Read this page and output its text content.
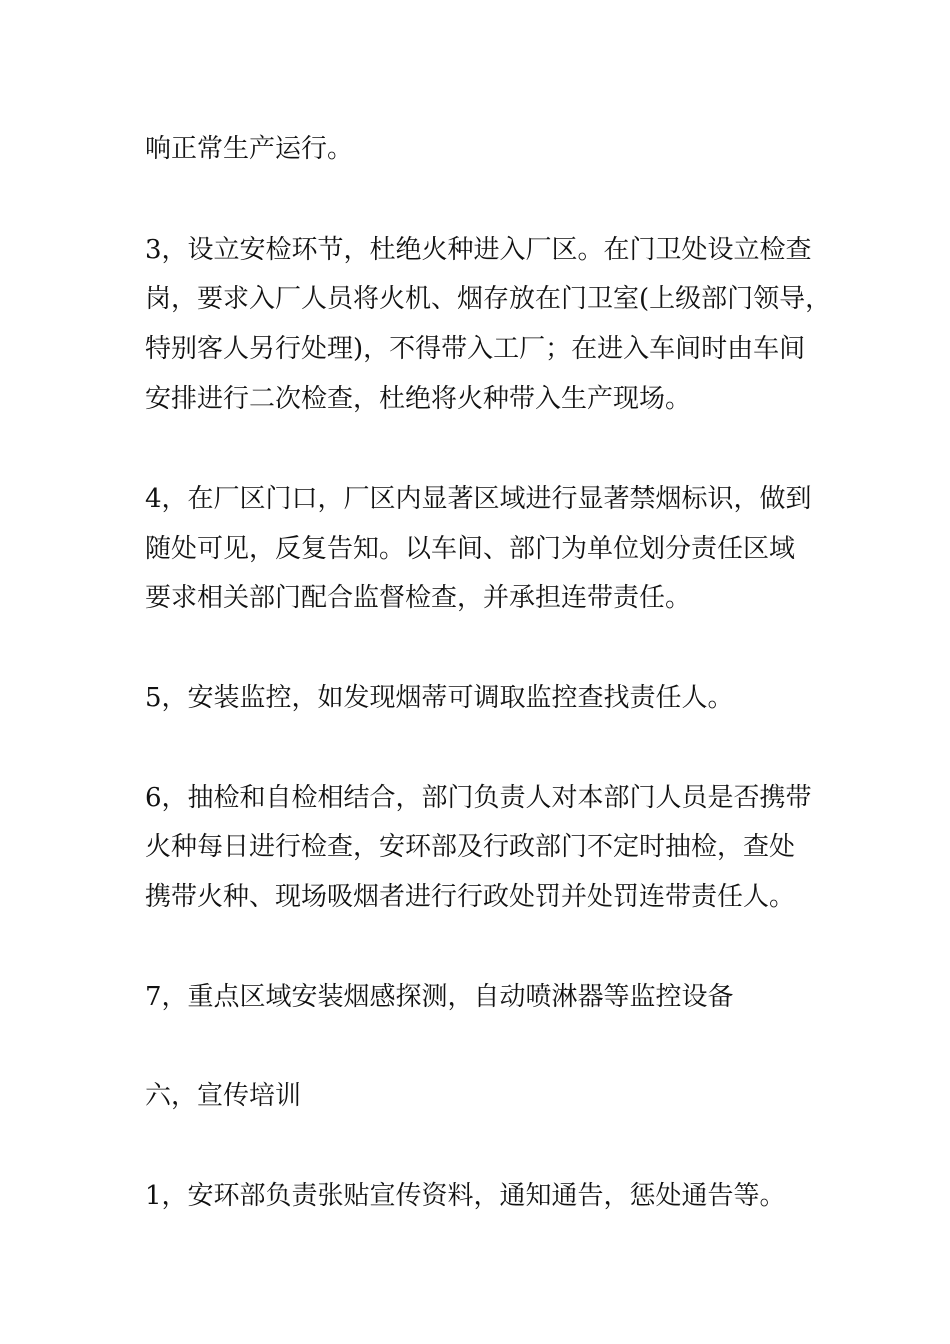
响正常生产运行。
3，设立安检环节，杜绝火种进入厂区。在门卫处设立检查
岗，要求入厂人员将火机、烟存放在门卫室(上级部门领导，
特别客人另行处理)，不得带入工厂；在进入车间时由车间
安排进行二次检查，杜绝将火种带入生产现场。
4，在厂区门口，厂区内显著区域进行显著禁烟标识，做到
随处可见，反复告知。以车间、部门为单位划分责任区域
要求相关部门配合监督检查，并承担连带责任。
5，安装监控，如发现烟蒂可调取监控查找责任人。
6，抽检和自检相结合，部门负责人对本部门人员是否携带
火种每日进行检查，安环部及行政部门不定时抽检，查处
携带火种、现场吸烟者进行行政处罚并处罚连带责任人。
7，重点区域安装烟感探测，自动喷淋器等监控设备
六，宣传培训
1，安环部负责张贴宣传资料，通知通告，惩处通告等。
